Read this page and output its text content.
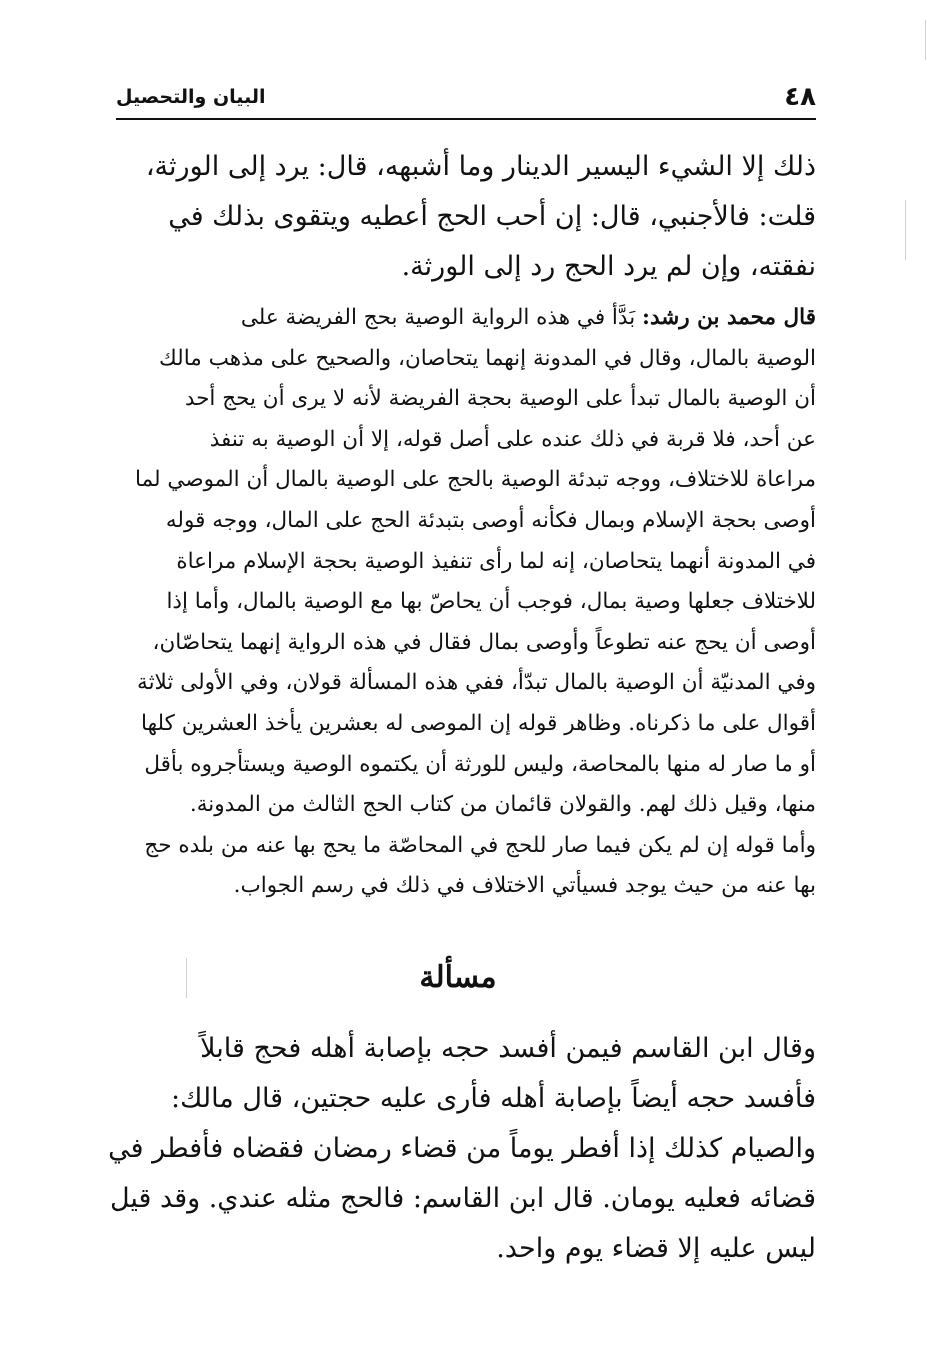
٤٨
البيان والتحصيل
ذلك إلا الشيء اليسير الدينار وما أشبهه، قال: يرد إلى الورثة،
قلت: فالأجنبي، قال: إن أحب الحج أعطيه ويتقوى بذلك في
نفقته، وإن لم يرد الحج رد إلى الورثة.
قال محمد بن رشد: بَدَّأ في هذه الرواية الوصية بحج الفريضة على
الوصية بالمال، وقال في المدونة إنهما يتحاصان، والصحيح على مذهب مالك
أن الوصية بالمال تبدأ على الوصية بحجة الفريضة لأنه لا يرى أن يحج أحد
عن أحد، فلا قربة في ذلك عنده على أصل قوله، إلا أن الوصية به تنفذ
مراعاة للاختلاف، ووجه تبدئة الوصية بالحج على الوصية بالمال أن الموصي لما
أوصى بحجة الإسلام وبمال فكأنه أوصى بتبدئة الحج على المال، ووجه قوله
في المدونة أنهما يتحاصان، إنه لما رأى تنفيذ الوصية بحجة الإسلام مراعاة
للاختلاف جعلها وصية بمال، فوجب أن يحاصّ بها مع الوصية بالمال، وأما إذا
أوصى أن يحج عنه تطوعاً وأوصى بمال فقال في هذه الرواية إنهما يتحاصّان،
وفي المدنيّة أن الوصية بالمال تبدّأ، ففي هذه المسألة قولان، وفي الأولى ثلاثة
أقوال على ما ذكرناه. وظاهر قوله إن الموصى له بعشرين يأخذ العشرين كلها
أو ما صار له منها بالمحاصة، وليس للورثة أن يكتموه الوصية ويستأجروه بأقل
منها، وقيل ذلك لهم. والقولان قائمان من كتاب الحج الثالث من المدونة.
وأما قوله إن لم يكن فيما صار للحج في المحاصّة ما يحج بها عنه من بلده حج
بها عنه من حيث يوجد فسيأتي الاختلاف في ذلك في رسم الجواب.
مسألة
وقال ابن القاسم فيمن أفسد حجه بإصابة أهله فحج قابلاً
فأفسد حجه أيضاً بإصابة أهله فأرى عليه حجتين، قال مالك:
والصيام كذلك إذا أفطر يوماً من قضاء رمضان فقضاه فأفطر في
قضائه فعليه يومان. قال ابن القاسم: فالحج مثله عندي. وقد قيل
ليس عليه إلا قضاء يوم واحد.
